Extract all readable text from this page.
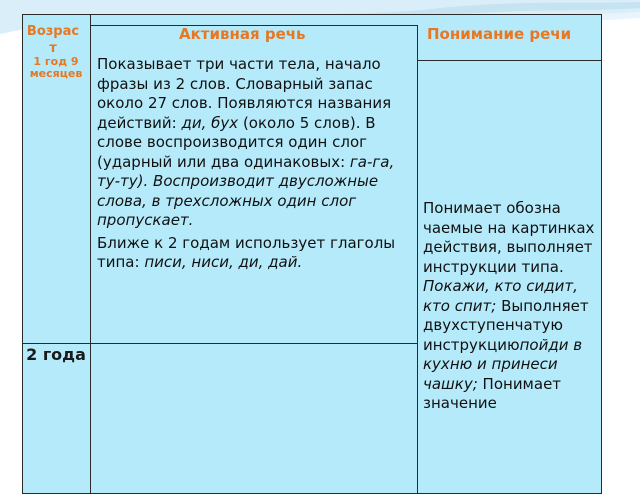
Возраст
Активная речь	Понимание речи
1 год 9 месяцев
2 года

Показывает три части тела, начало фразы из 2 слов. Словарный запас около 27 слов. Появляются названия действий: ди, бух (около 5 слов). В слове воспроизводится один слог (ударный или два одинаковых: га-га, ту-ту). Воспроизводит двусложные слова, в трехсложных один слог пропускает.

Ближе к 2 годам использует глаголы типа: писи, ниси, ди, дай.

Понимает обозна чаемые на картинках действия, выполняет инструкции типа. Покажи, кто сидит, кто спит; Выполняет двухступенчатую инструкциюпойди в кухню и принеси чашку; Понимает значение
